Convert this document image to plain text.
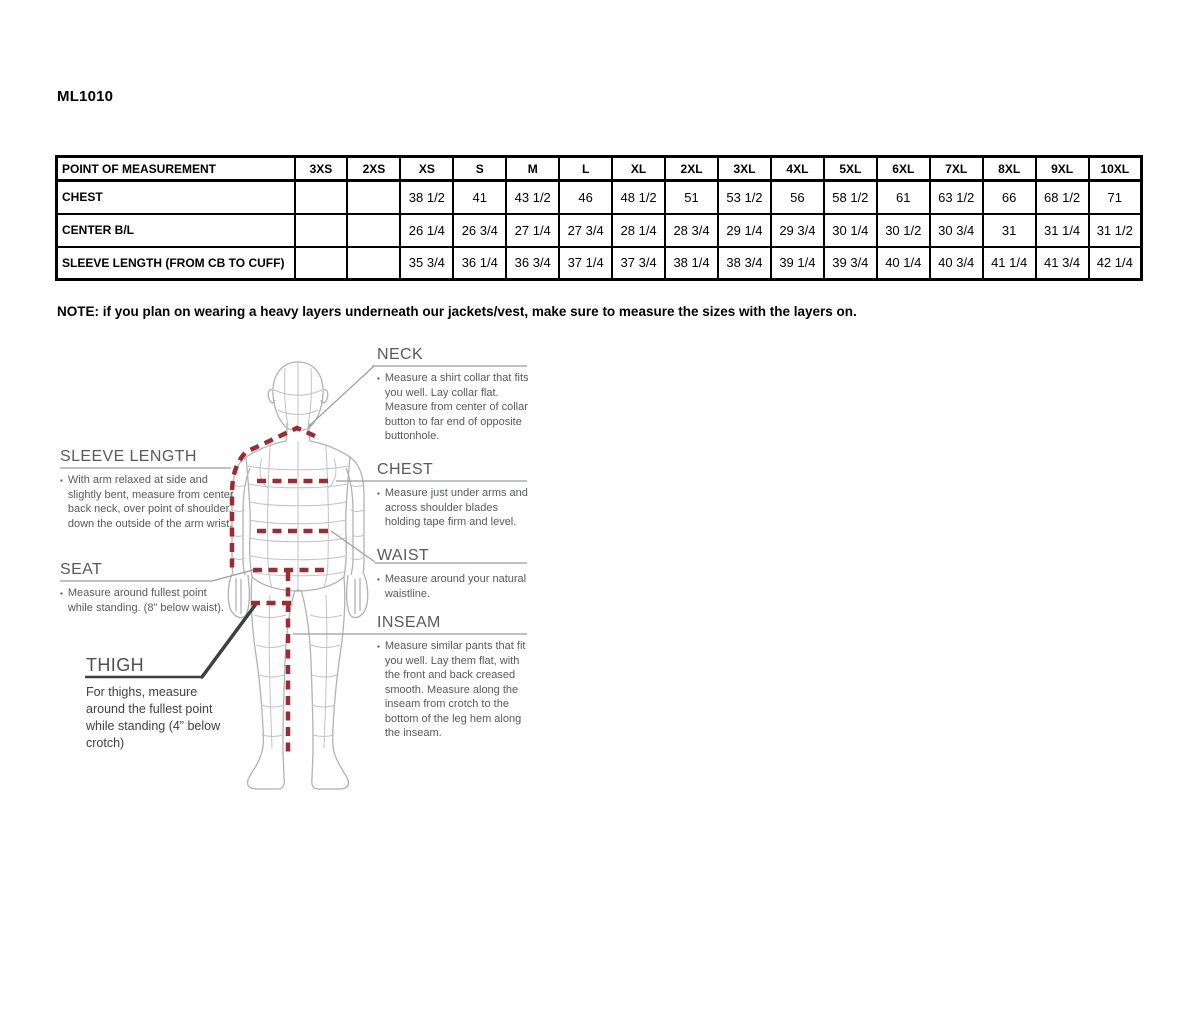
ML1010
POINT OF MEASUREMENT	3XS	2XS	XS	S	M	L	XL	2XL	3XL	4XL	5XL	6XL	7XL	8XL	9XL	10XL
CHEST			38 1/2	41	43 1/2	46	48 1/2	51	53 1/2	56	58 1/2	61	63 1/2	66	68 1/2	71
CENTER B/L			26 1/4	26 3/4	27 1/4	27 3/4	28 1/4	28 3/4	29 1/4	29 3/4	30 1/4	30 1/2	30 3/4	31	31 1/4	31 1/2
SLEEVE LENGTH (FROM CB TO CUFF)			35 3/4	36 1/4	36 3/4	37 1/4	37 3/4	38 1/4	38 3/4	39 1/4	39 3/4	40 1/4	40 3/4	41 1/4	41 3/4	42 1/4
NOTE: if you plan on wearing a heavy layers underneath our jackets/vest, make sure to measure the sizes with the layers on.
NECK
▪ Measure a shirt collar that fits you well. Lay collar flat. Measure from center of collar button to far end of opposite buttonhole.

SLEEVE LENGTH
▪ With arm relaxed at side and slightly bent, measure from center back neck, over point of shoulder, down the outside of the arm wrist.

CHEST
▪ Measure just under arms and across shoulder blades holding tape firm and level.

WAIST
▪ Measure around your natural waistline.

SEAT
▪ Measure around fullest point while standing. (8" below waist).

INSEAM
▪ Measure similar pants that fit you well. Lay them flat, with the front and back creased smooth. Measure along the inseam from crotch to the bottom of the leg hem along the inseam.

THIGH

For thighs, measure around the fullest point while standing (4” below crotch)
